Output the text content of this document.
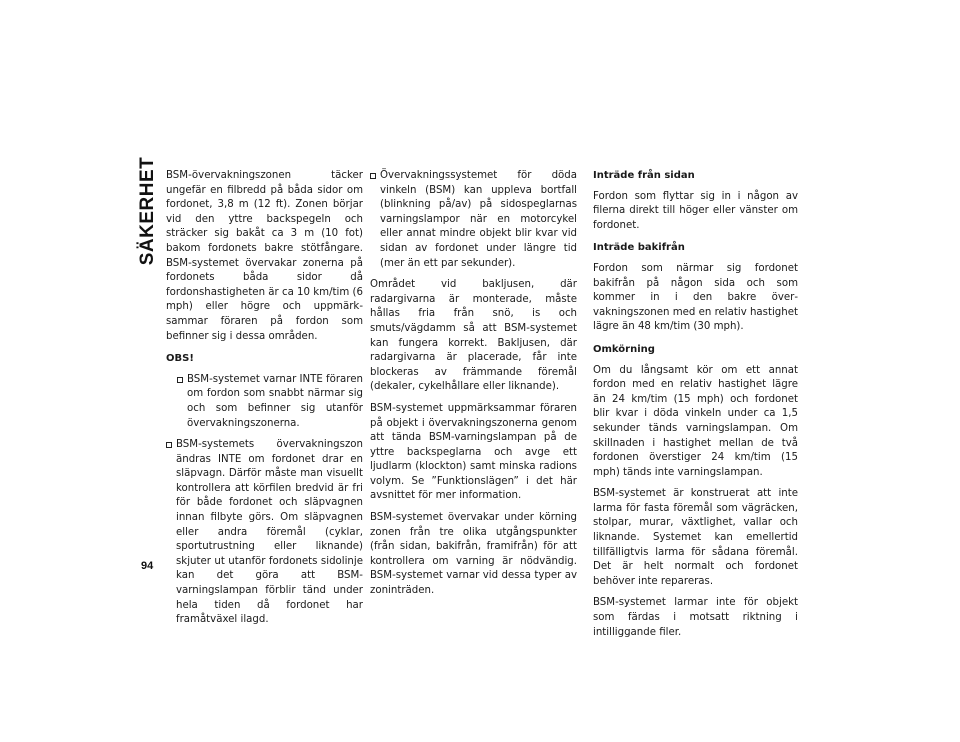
SÄKERHET
94

BSM-övervakningszonen täcker ungefär en filbredd på båda sidor om fordonet, 3,8 m (12 ft). Zonen börjar vid den yttre backspegeln och sträcker sig bakåt ca 3 m (10 fot) bakom fordonets bakre stötfångare. BSM-systemet övervakar zonerna på fordonets båda sidor då fordonshastigheten är ca 10 km/tim (6 mph) eller högre och uppmärksammar föraren på fordon som befinner sig i dessa områden.

OBS!
BSM-systemet varnar INTE föraren om fordon som snabbt närmar sig och som befinner sig utanför övervakningszonerna.
BSM-systemets övervakningszon ändras INTE om fordonet drar en släpvagn. Därför måste man visuellt kontrollera att körfilen bredvid är fri för både fordonet och släpvagnen innan filbyte görs. Om släpvagnen eller andra föremål (cyklar, sportutrustning eller liknande) skjuter ut utanför fordonets sidolinje kan det göra att BSM-varningslampan förblir tänd under hela tiden då fordonet har framåtväxel ilagd.
Övervakningssystemet för döda vinkeln (BSM) kan uppleva bortfall (blinkning på/av) på sidospeglarnas varningslampor när en motorcykel eller annat mindre objekt blir kvar vid sidan av fordonet under längre tid (mer än ett par sekunder).

Området vid bakljusen, där radargivarna är monterade, måste hållas fria från snö, is och smuts/vägdamm så att BSM-systemet kan fungera korrekt. Bakljusen, där radargivarna är placerade, får inte blockeras av främmande föremål (dekaler, cykelhållare eller liknande).

BSM-systemet uppmärksammar föraren på objekt i övervakningszonerna genom att tända BSM-varningslampan på de yttre backspeglarna och avge ett ljudlarm (klockton) samt minska radions volym. Se ”Funktionslägen” i det här avsnittet för mer information.

BSM-systemet övervakar under körning zonen från tre olika utgångspunkter (från sidan, bakifrån, framifrån) för att kontrollera om varning är nödvändig. BSM-systemet varnar vid dessa typer av zoninträden.

Inträde från sidan

Fordon som flyttar sig in i någon av filerna direkt till höger eller vänster om fordonet.

Inträde bakifrån

Fordon som närmar sig fordonet bakifrån på någon sida och som kommer in i den bakre övervakningszonen med en relativ hastighet lägre än 48 km/tim (30 mph).

Omkörning

Om du långsamt kör om ett annat fordon med en relativ hastighet lägre än 24 km/tim (15 mph) och fordonet blir kvar i döda vinkeln under ca 1,5 sekunder tänds varningslampan. Om skillnaden i hastighet mellan de två fordonen överstiger 24 km/tim (15 mph) tänds inte varningslampan.

BSM-systemet är konstruerat att inte larma för fasta föremål som vägräcken, stolpar, murar, växtlighet, vallar och liknande. Systemet kan emellertid tillfälligtvis larma för sådana föremål. Det är helt normalt och fordonet behöver inte repareras.

BSM-systemet larmar inte för objekt som färdas i motsatt riktning i intilliggande filer.
